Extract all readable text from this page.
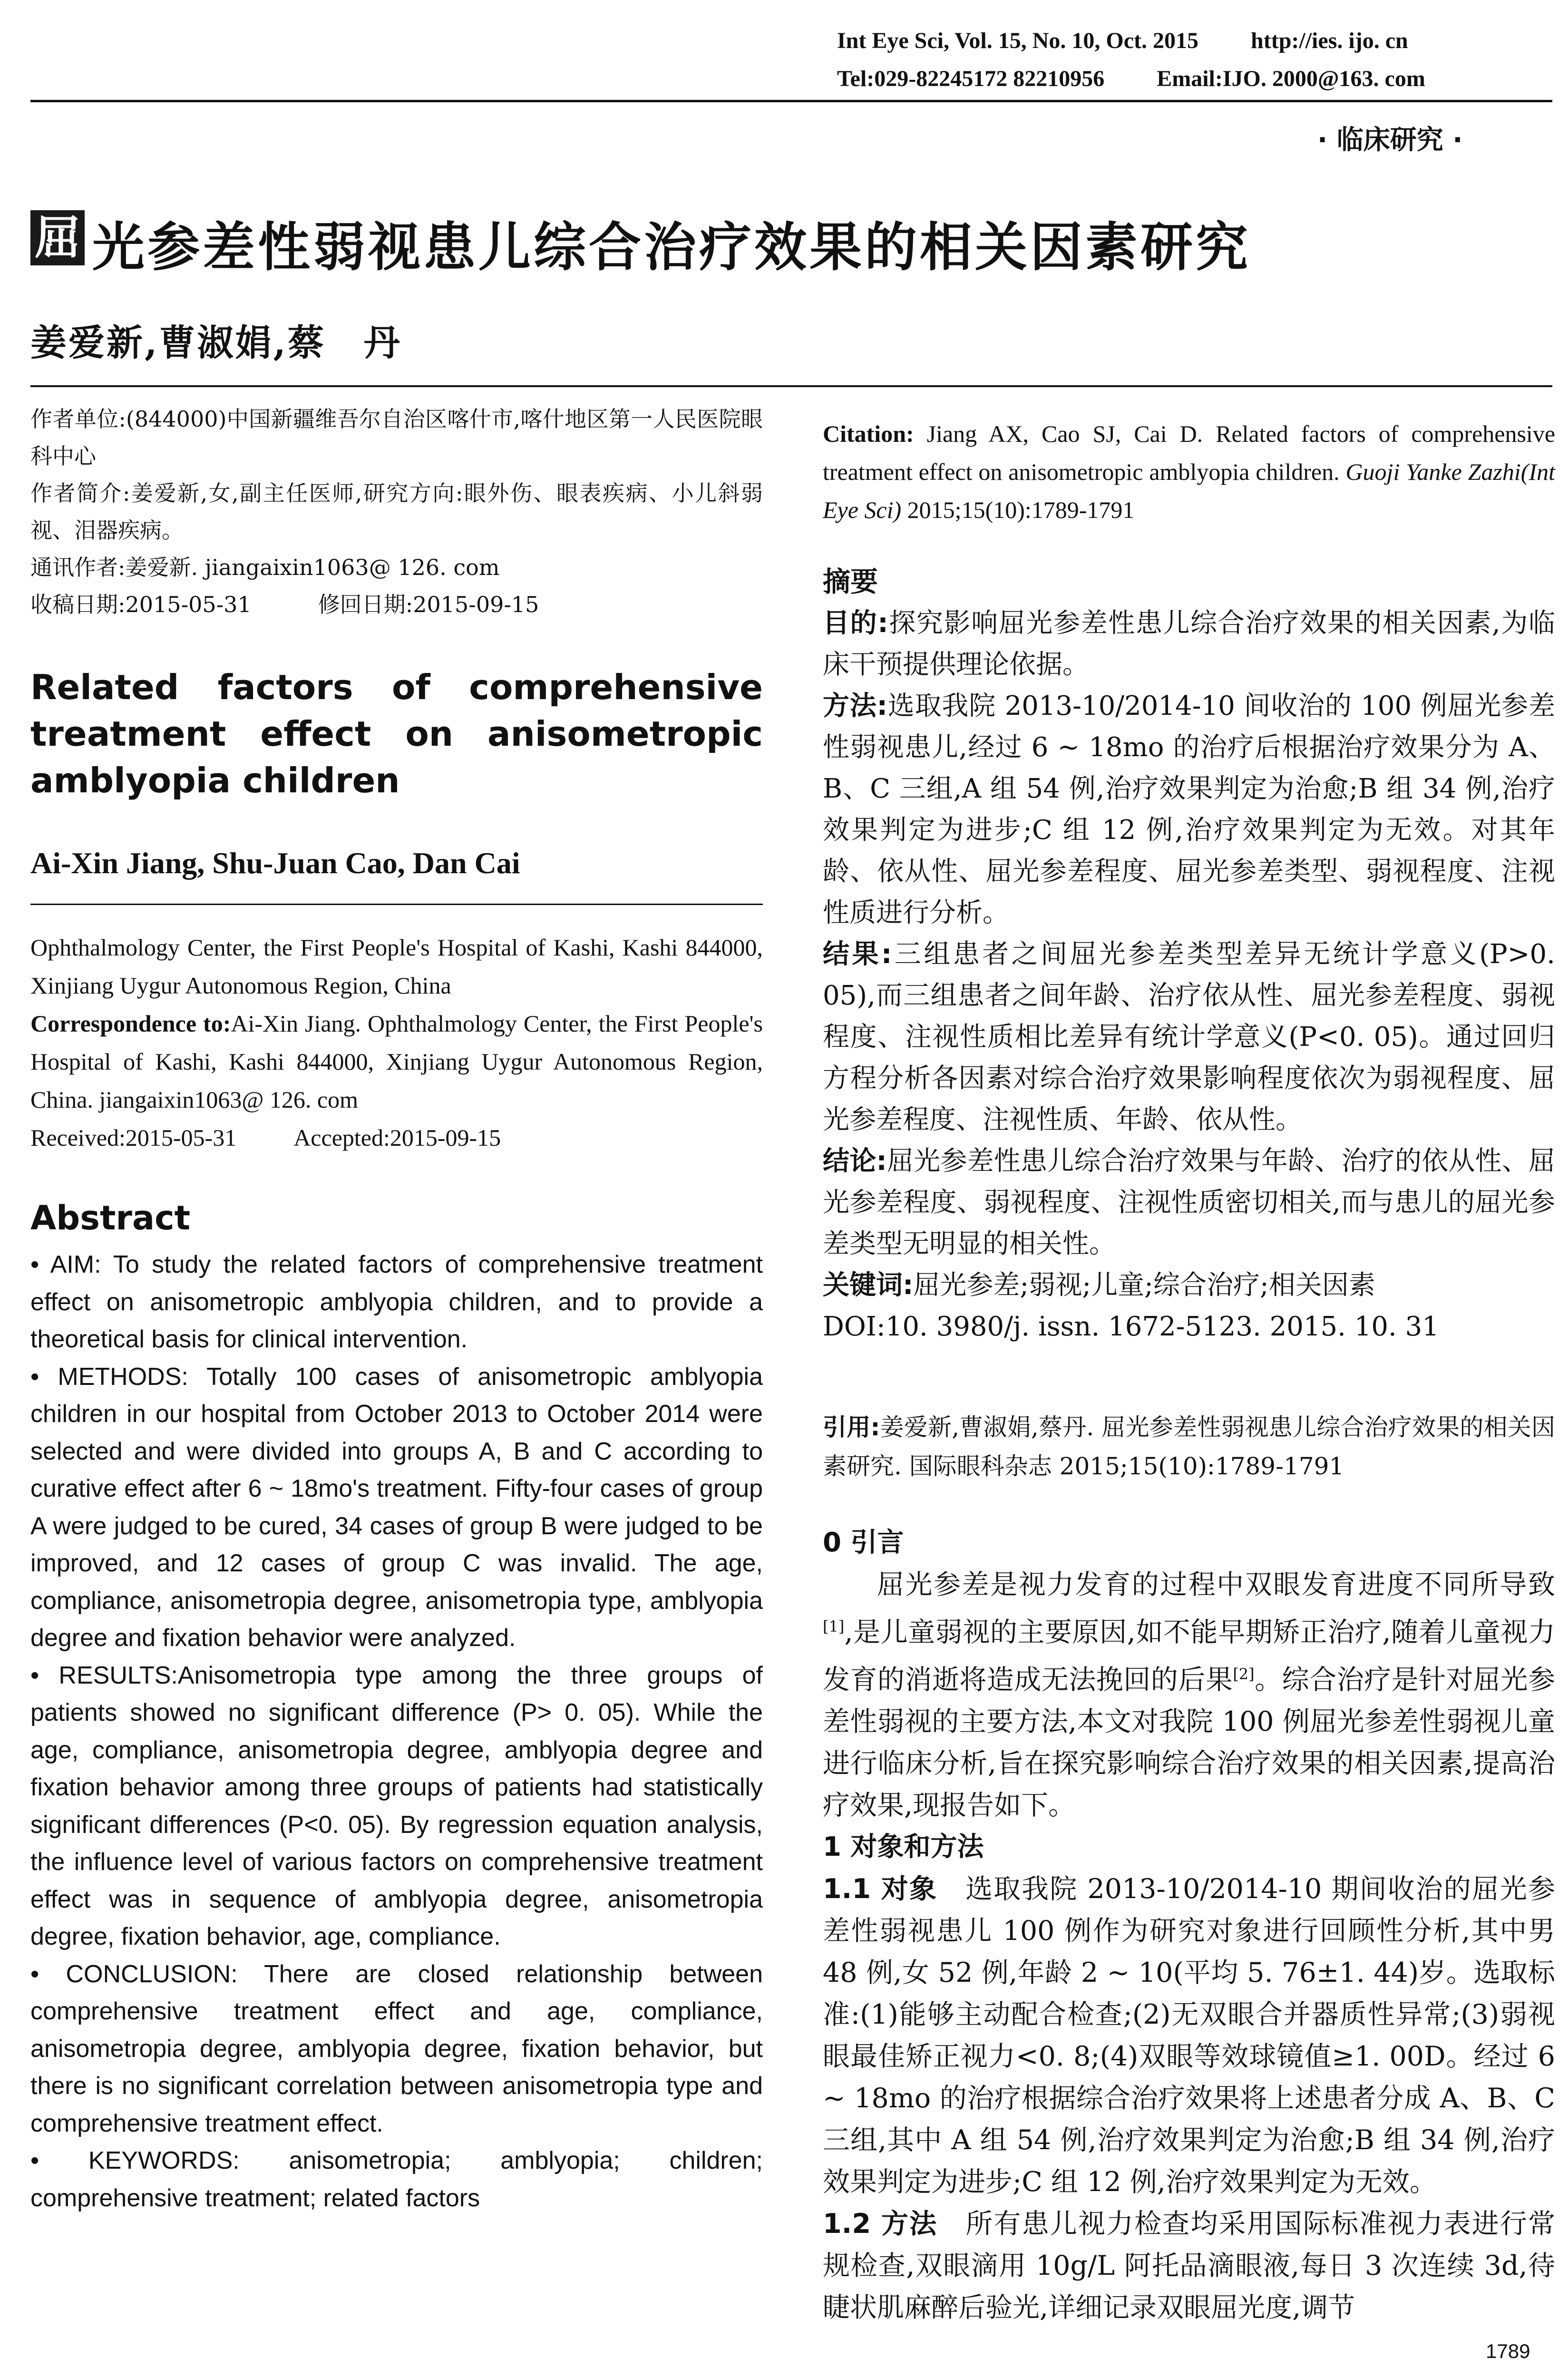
Int Eye Sci, Vol. 15, No. 10, Oct. 2015 http://ies. ijo. cn
Tel:029-82245172 82210956 Email:IJO. 2000@163. com
· 临床研究 ·
屈 光参差性弱视患儿综合治疗效果的相关因素研究
姜爱新,曹淑娟,蔡　丹

作者单位:(844000)中国新疆维吾尔自治区喀什市,喀什地区第一人民医院眼科中心

作者简介:姜爱新,女,副主任医师,研究方向:眼外伤、眼表疾病、小儿斜弱视、泪器疾病。

通讯作者:姜爱新. jiangaixin1063@ 126. com

收稿日期:2015-05-31	修回日期:2015-09-15

Related factors of comprehensive treatment effect on anisometropic amblyopia children
Ai-Xin Jiang, Shu-Juan Cao, Dan Cai

Ophthalmology Center, the First People's Hospital of Kashi, Kashi 844000, Xinjiang Uygur Autonomous Region, China

Correspondence to:Ai-Xin Jiang. Ophthalmology Center, the First People's Hospital of Kashi, Kashi 844000, Xinjiang Uygur Autonomous Region, China. jiangaixin1063@ 126. com

Received:2015-05-31 Accepted:2015-09-15

Abstract

• AIM: To study the related factors of comprehensive treatment effect on anisometropic amblyopia children, and to provide a theoretical basis for clinical intervention.

• METHODS: Totally 100 cases of anisometropic amblyopia children in our hospital from October 2013 to October 2014 were selected and were divided into groups A, B and C according to curative effect after 6 ~ 18mo's treatment. Fifty-four cases of group A were judged to be cured, 34 cases of group B were judged to be improved, and 12 cases of group C was invalid. The age, compliance, anisometropia degree, anisometropia type, amblyopia degree and fixation behavior were analyzed.

• RESULTS:Anisometropia type among the three groups of patients showed no significant difference (P> 0. 05). While the age, compliance, anisometropia degree, amblyopia degree and fixation behavior among three groups of patients had statistically significant differences (P<0. 05). By regression equation analysis, the influence level of various factors on comprehensive treatment effect was in sequence of amblyopia degree, anisometropia degree, fixation behavior, age, compliance.

• CONCLUSION: There are closed relationship between comprehensive treatment effect and age, compliance, anisometropia degree, amblyopia degree, fixation behavior, but there is no significant correlation between anisometropia type and comprehensive treatment effect.

• KEYWORDS: anisometropia; amblyopia; children; comprehensive treatment; related factors

Citation: Jiang AX, Cao SJ, Cai D. Related factors of comprehensive treatment effect on anisometropic amblyopia children. Guoji Yanke Zazhi(Int Eye Sci) 2015;15(10):1789-1791

摘要

目的:探究影响屈光参差性患儿综合治疗效果的相关因素,为临床干预提供理论依据。

方法:选取我院 2013-10/2014-10 间收治的 100 例屈光参差性弱视患儿,经过 6 ~ 18mo 的治疗后根据治疗效果分为 A、B、C 三组,A 组 54 例,治疗效果判定为治愈;B 组 34 例,治疗效果判定为进步;C 组 12 例,治疗效果判定为无效。对其年龄、依从性、屈光参差程度、屈光参差类型、弱视程度、注视性质进行分析。

结果:三组患者之间屈光参差类型差异无统计学意义(P>0. 05),而三组患者之间年龄、治疗依从性、屈光参差程度、弱视程度、注视性质相比差异有统计学意义(P<0. 05)。通过回归方程分析各因素对综合治疗效果影响程度依次为弱视程度、屈光参差程度、注视性质、年龄、依从性。

结论:屈光参差性患儿综合治疗效果与年龄、治疗的依从性、屈光参差程度、弱视程度、注视性质密切相关,而与患儿的屈光参差类型无明显的相关性。

关键词:屈光参差;弱视;儿童;综合治疗;相关因素

DOI:10. 3980/j. issn. 1672-5123. 2015. 10. 31

引用:姜爱新,曹淑娟,蔡丹. 屈光参差性弱视患儿综合治疗效果的相关因素研究. 国际眼科杂志 2015;15(10):1789-1791

0 引言

屈光参差是视力发育的过程中双眼发育进度不同所导致[1],是儿童弱视的主要原因,如不能早期矫正治疗,随着儿童视力发育的消逝将造成无法挽回的后果[2]。综合治疗是针对屈光参差性弱视的主要方法,本文对我院 100 例屈光参差性弱视儿童进行临床分析,旨在探究影响综合治疗效果的相关因素,提高治疗效果,现报告如下。

1 对象和方法

1.1 对象　 选取我院 2013-10/2014-10 期间收治的屈光参差性弱视患儿 100 例作为研究对象进行回顾性分析,其中男 48 例,女 52 例,年龄 2 ~ 10(平均 5. 76±1. 44)岁。选取标准:(1)能够主动配合检查;(2)无双眼合并器质性异常;(3)弱视眼最佳矫正视力<0. 8;(4)双眼等效球镜值≥1. 00D。经过 6 ~ 18mo 的治疗根据综合治疗效果将上述患者分成 A、B、C 三组,其中 A 组 54 例,治疗效果判定为治愈;B 组 34 例,治疗效果判定为进步;C 组 12 例,治疗效果判定为无效。

1.2 方法　 所有患儿视力检查均采用国际标准视力表进行常规检查,双眼滴用 10g/L 阿托品滴眼液,每日 3 次连续 3d,待睫状肌麻醉后验光,详细记录双眼屈光度,调节

1789
